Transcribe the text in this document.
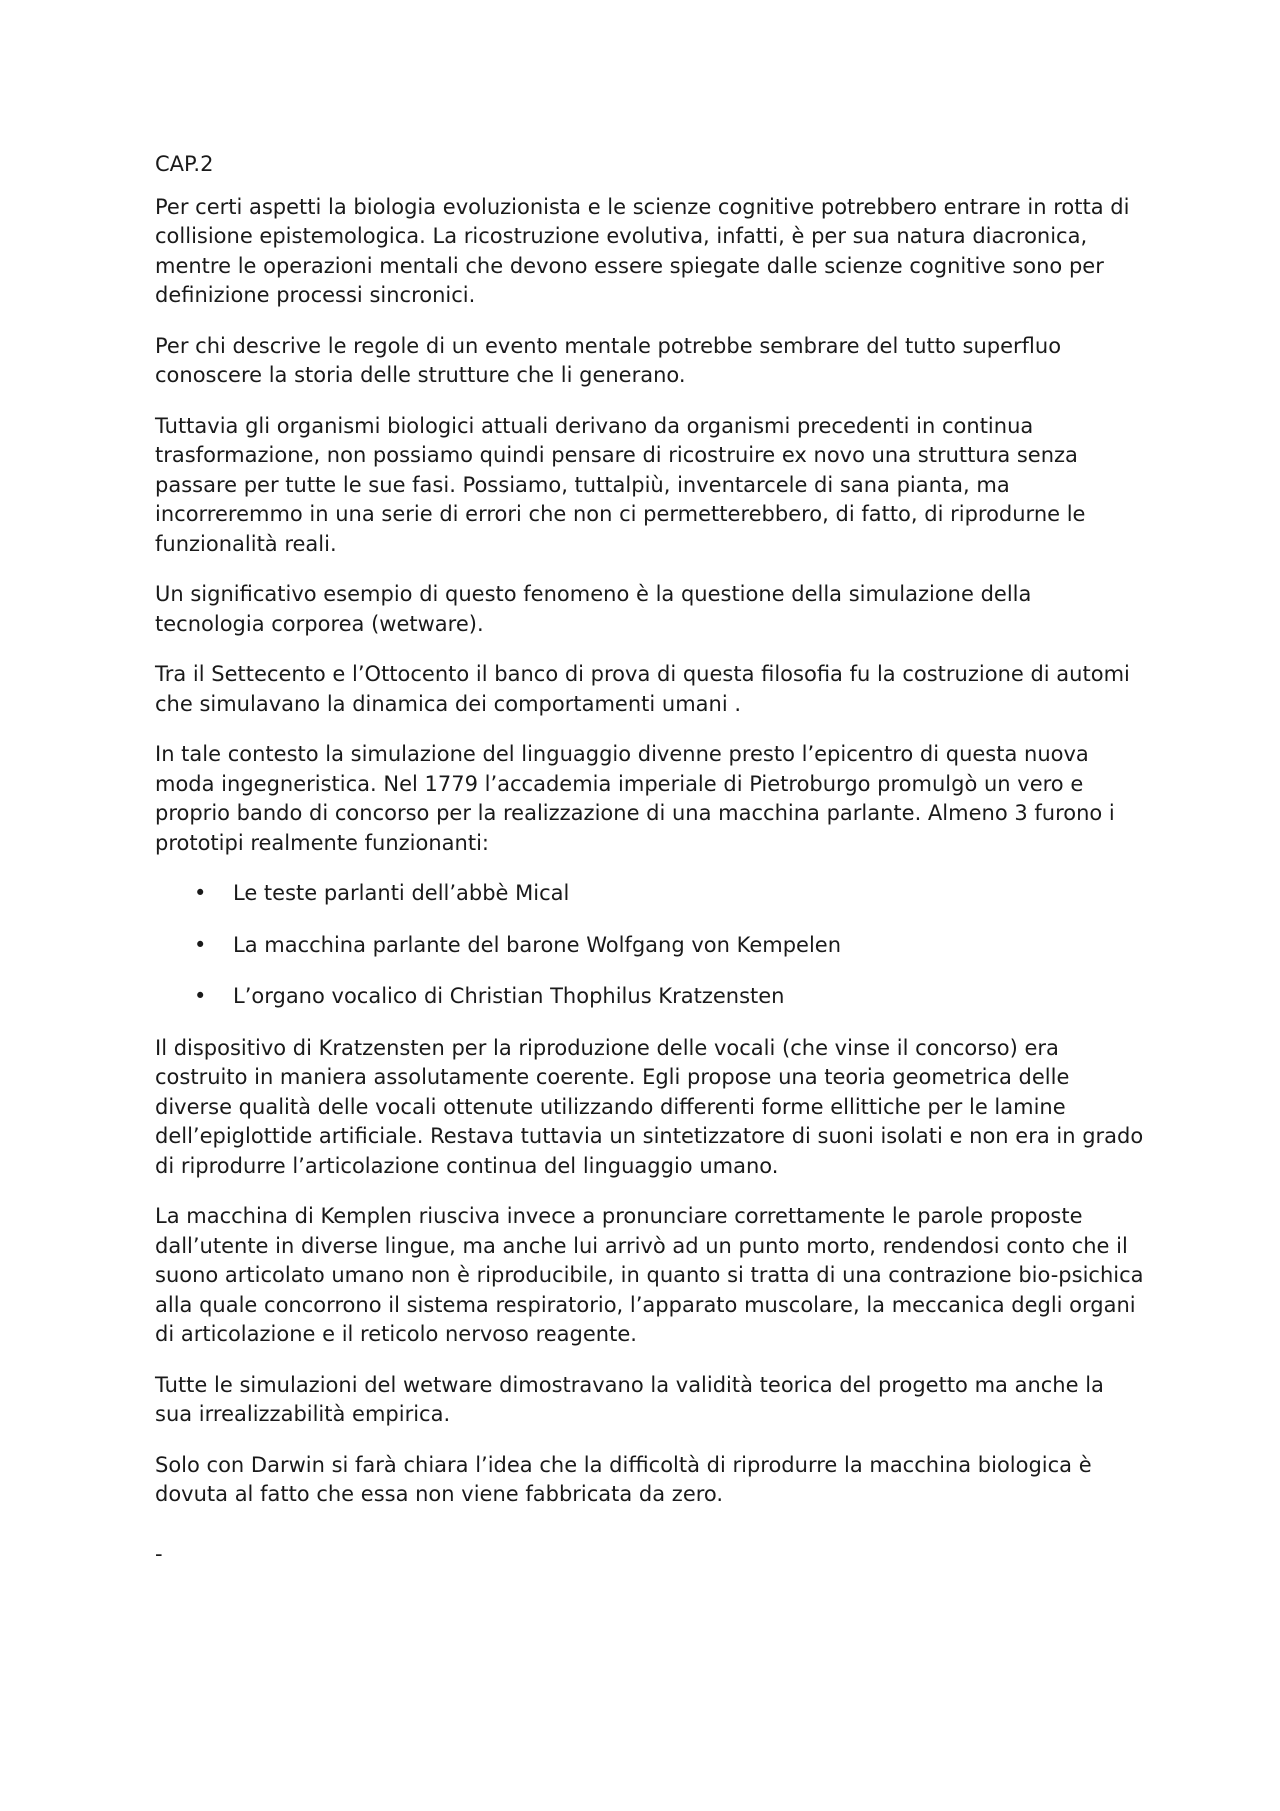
CAP.2

Per certi aspetti la biologia evoluzionista e le scienze cognitive potrebbero entrare in rotta di collisione epistemologica. La ricostruzione evolutiva, infatti, è per sua natura diacronica, mentre le operazioni mentali che devono essere spiegate dalle scienze cognitive sono per definizione processi sincronici.

Per chi descrive le regole di un evento mentale potrebbe sembrare del tutto superfluo conoscere la storia delle strutture che li generano.

Tuttavia gli organismi biologici attuali derivano da organismi precedenti in continua trasformazione, non possiamo quindi pensare di ricostruire ex novo una struttura senza passare per tutte le sue fasi. Possiamo, tuttalpiù, inventarcele di sana pianta, ma incorreremmo in una serie di errori che non ci permetterebbero, di fatto, di riprodurne le funzionalità reali.

Un significativo esempio di questo fenomeno è la questione della simulazione della tecnologia corporea (wetware).

Tra il Settecento e l’Ottocento il banco di prova di questa filosofia fu la costruzione di automi che simulavano la dinamica dei comportamenti umani .

In tale contesto la simulazione del linguaggio divenne presto l’epicentro di questa nuova moda ingegneristica. Nel 1779 l’accademia imperiale di Pietroburgo promulgò un vero e proprio bando di concorso per la realizzazione di una macchina parlante. Almeno 3 furono i prototipi realmente funzionanti:

• Le teste parlanti dell’abbè Mical
• La macchina parlante del barone Wolfgang von Kempelen
• L’organo vocalico di Christian Thophilus Kratzensten

Il dispositivo di Kratzensten per la riproduzione delle vocali (che vinse il concorso) era costruito in maniera assolutamente coerente. Egli propose una teoria geometrica delle diverse qualità delle vocali ottenute utilizzando differenti forme ellittiche per le lamine dell’epiglottide artificiale. Restava tuttavia un sintetizzatore di suoni isolati e non era in grado di riprodurre l’articolazione continua del linguaggio umano.

La macchina di Kemplen riusciva invece a pronunciare correttamente le parole proposte dall’utente in diverse lingue, ma anche lui arrivò ad un punto morto, rendendosi conto che il suono articolato umano non è riproducibile, in quanto si tratta di una contrazione bio-psichica alla quale concorrono il sistema respiratorio, l’apparato muscolare, la meccanica degli organi di articolazione e il reticolo nervoso reagente.

Tutte le simulazioni del wetware dimostravano la validità teorica del progetto ma anche la sua irrealizzabilità empirica.

Solo con Darwin si farà chiara l’idea che la difficoltà di riprodurre la macchina biologica è dovuta al fatto che essa non viene fabbricata da zero.

-
